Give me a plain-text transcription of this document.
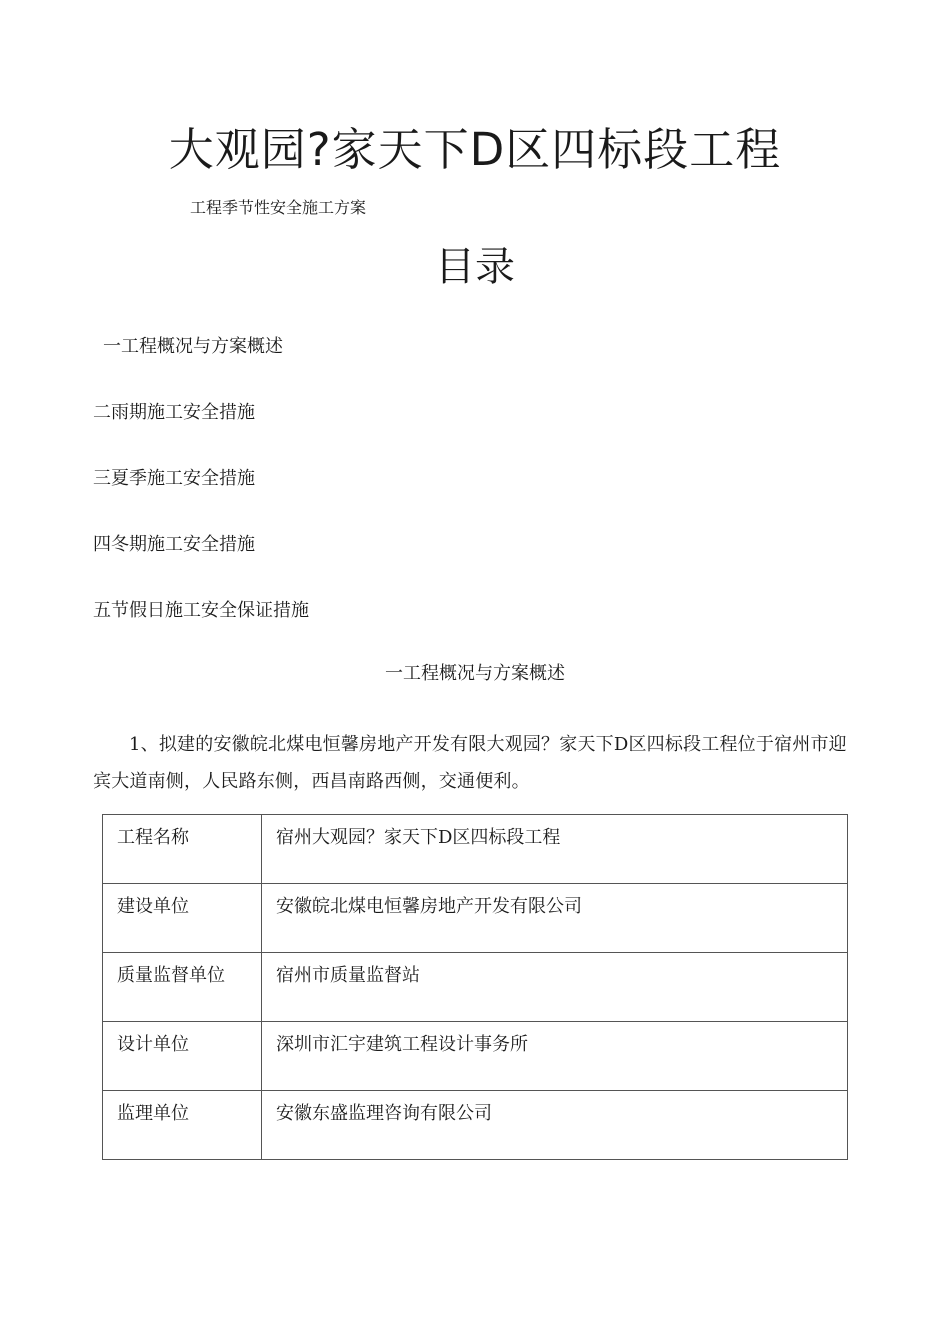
大观园?家天下D区四标段工程
工程季节性安全施工方案
目录
一工程概况与方案概述
二雨期施工安全措施
三夏季施工安全措施
四冬期施工安全措施
五节假日施工安全保证措施
一工程概况与方案概述
1、拟建的安徽皖北煤电恒馨房地产开发有限大观园？家天下D区四标段工程位于宿州市迎宾大道南侧，人民路东侧，西昌南路西侧，交通便利。
工程名称	宿州大观园？家天下D区四标段工程
建设单位	安徽皖北煤电恒馨房地产开发有限公司
质量监督单位	宿州市质量监督站
设计单位	深圳市汇宇建筑工程设计事务所
监理单位	安徽东盛监理咨询有限公司
